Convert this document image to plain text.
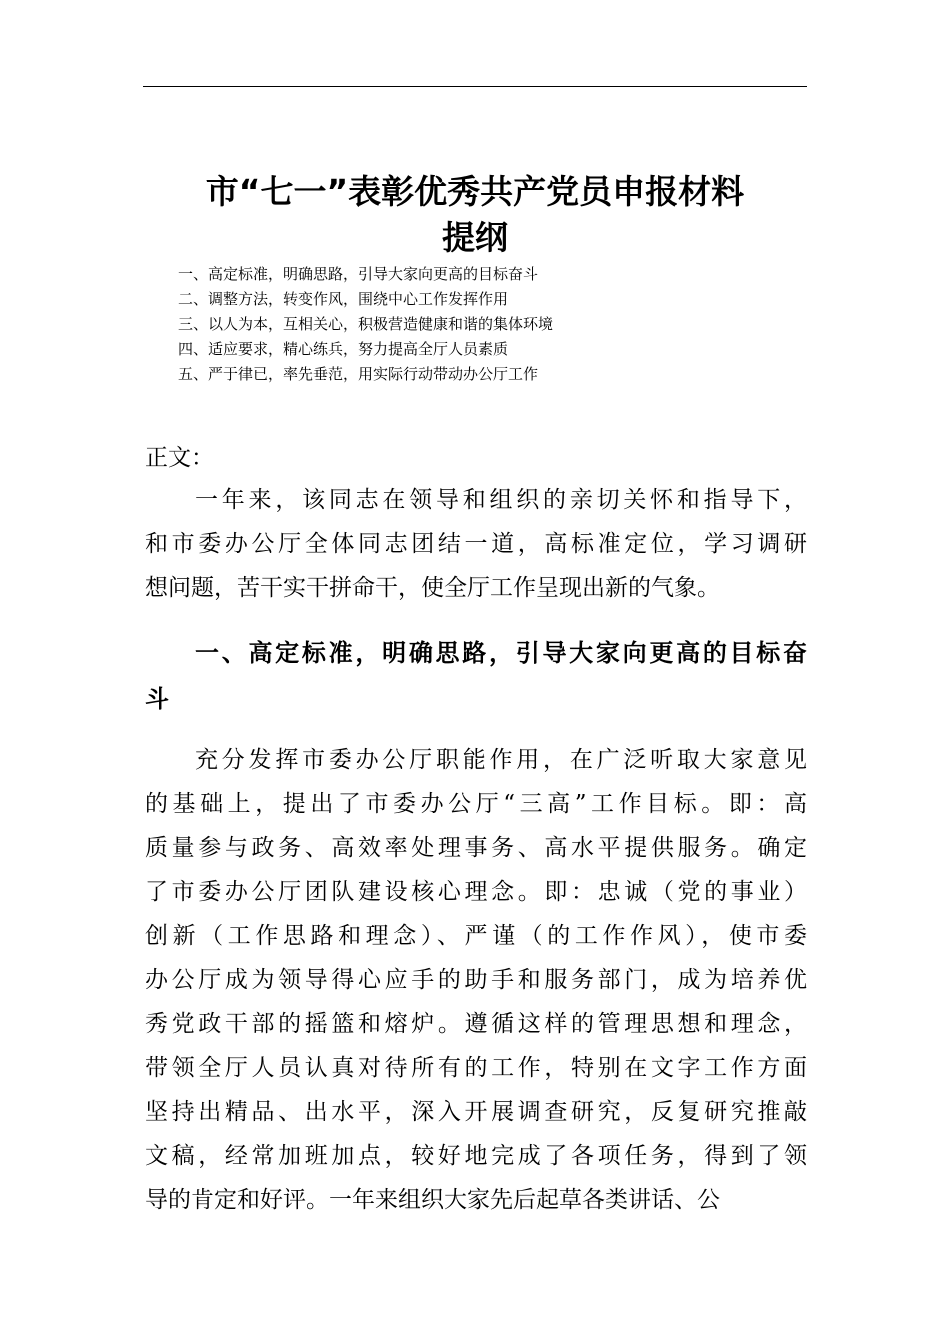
市“七一”表彰优秀共产党员申报材料
提纲
一、高定标准，明确思路，引导大家向更高的目标奋斗
二、调整方法，转变作风，围绕中心工作发挥作用
三、以人为本，互相关心，积极营造健康和谐的集体环境
四、适应要求，精心练兵，努力提高全厅人员素质
五、严于律已，率先垂范，用实际行动带动办公厅工作

正文：

一年来，该同志在领导和组织的亲切关怀和指导下，
和市委办公厅全体同志团结一道，高标准定位，学习调研
想问题，苦干实干拼命干，使全厅工作呈现出新的气象。

一、高定标准，明确思路，引导大家向更高的目标奋
斗

充分发挥市委办公厅职能作用，在广泛听取大家意见
的基础上，提出了市委办公厅“三高”工作目标。即：高
质量参与政务、高效率处理事务、高水平提供服务。确定
了市委办公厅团队建设核心理念。即：忠诚（党的事业）
创新（工作思路和理念）、严谨（的工作作风），使市委
办公厅成为领导得心应手的助手和服务部门，成为培养优
秀党政干部的摇篮和熔炉。遵循这样的管理思想和理念，
带领全厅人员认真对待所有的工作，特别在文字工作方面
坚持出精品、出水平，深入开展调查研究，反复研究推敲
文稿，经常加班加点，较好地完成了各项任务，得到了领
导的肯定和好评。一年来组织大家先后起草各类讲话、公
